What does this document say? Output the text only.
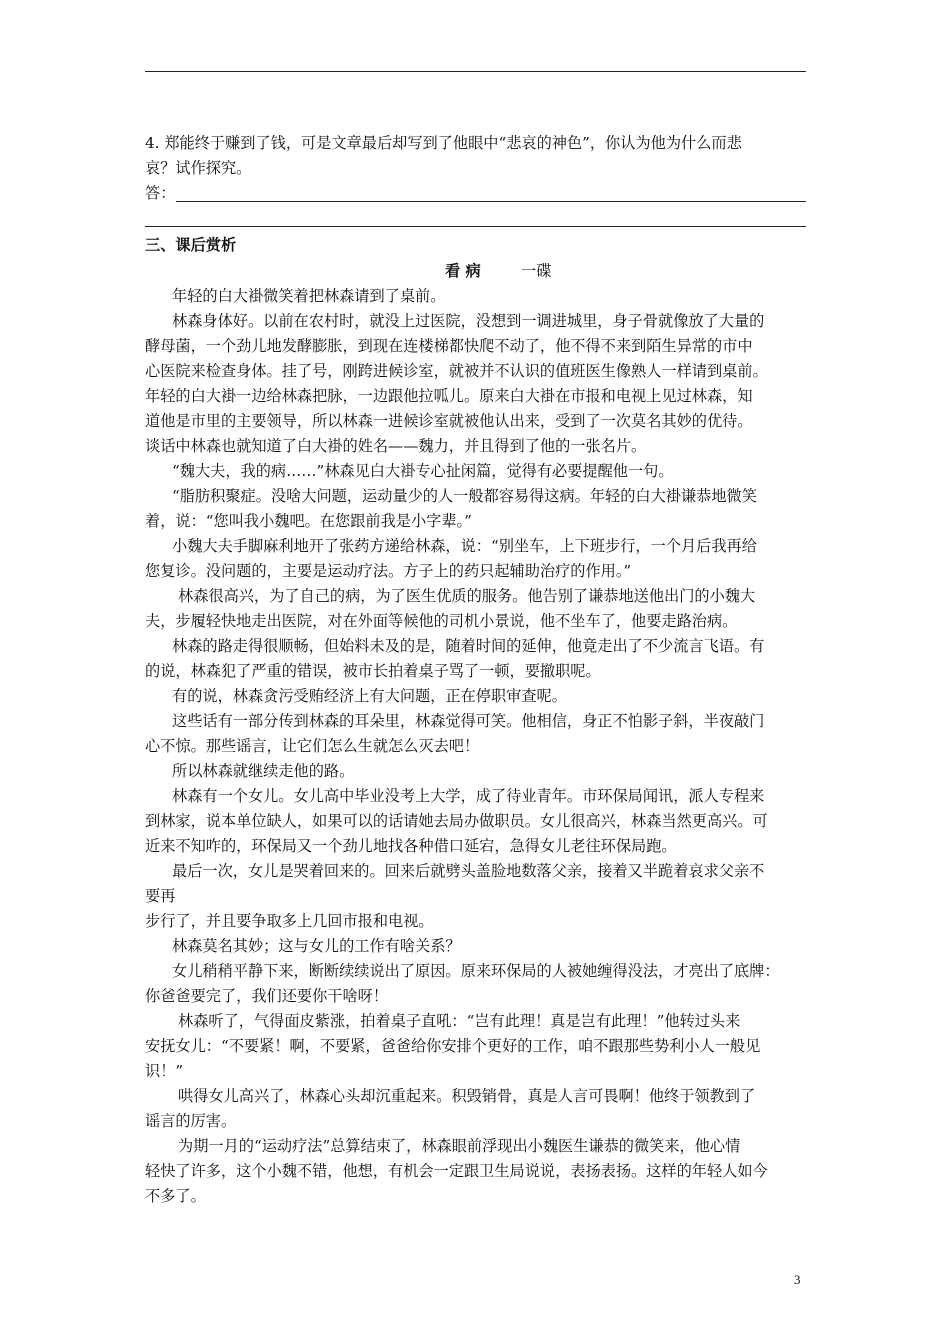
4. 郑能终于赚到了钱，可是文章最后却写到了他眼中“悲哀的神色”，你认为他为什么而悲
哀？试作探究。
答：
三、课后赏析
看 病	一碟
年轻的白大褂微笑着把林森请到了桌前。
林森身体好。以前在农村时，就没上过医院，没想到一调进城里，身子骨就像放了大量的
酵母菌，一个劲儿地发酵膨胀，到现在连楼梯都快爬不动了，他不得不来到陌生异常的市中
心医院来检查身体。挂了号，刚跨进候诊室，就被并不认识的值班医生像熟人一样请到桌前。
年轻的白大褂一边给林森把脉，一边跟他拉呱儿。原来白大褂在市报和电视上见过林森，知
道他是市里的主要领导，所以林森一进候诊室就被他认出来，受到了一次莫名其妙的优待。
谈话中林森也就知道了白大褂的姓名——魏力，并且得到了他的一张名片。
“魏大夫，我的病……”林森见白大褂专心扯闲篇，觉得有必要提醒他一句。
“脂肪积聚症。没啥大问题，运动量少的人一般都容易得这病。年轻的白大褂谦恭地微笑
着，说：“您叫我小魏吧。在您跟前我是小字辈。”
小魏大夫手脚麻利地开了张药方递给林森，说：“别坐车，上下班步行，一个月后我再给
您复诊。没问题的，主要是运动疗法。方子上的药只起辅助治疗的作用。”
林森很高兴，为了自己的病，为了医生优质的服务。他告别了谦恭地送他出门的小魏大
夫，步履轻快地走出医院，对在外面等候他的司机小景说，他不坐车了，他要走路治病。
林森的路走得很顺畅，但始料未及的是，随着时间的延伸，他竟走出了不少流言飞语。有
的说，林森犯了严重的错误，被市长拍着桌子骂了一顿，要撤职呢。
有的说，林森贪污受贿经济上有大问题，正在停职审查呢。
这些话有一部分传到林森的耳朵里，林森觉得可笑。他相信，身正不怕影子斜，半夜敲门
心不惊。那些谣言，让它们怎么生就怎么灭去吧！
所以林森就继续走他的路。
林森有一个女儿。女儿高中毕业没考上大学，成了待业青年。市环保局闻讯，派人专程来
到林家，说本单位缺人，如果可以的话请她去局办做职员。女儿很高兴，林森当然更高兴。可
近来不知咋的，环保局又一个劲儿地找各种借口延宕，急得女儿老往环保局跑。
最后一次，女儿是哭着回来的。回来后就劈头盖脸地数落父亲，接着又半跪着哀求父亲不
要再
步行了，并且要争取多上几回市报和电视。
林森莫名其妙；这与女儿的工作有啥关系？
女儿稍稍平静下来，断断续续说出了原因。原来环保局的人被她缠得没法，才亮出了底牌：
你爸爸要完了，我们还要你干啥呀！
林森听了，气得面皮紫涨，拍着桌子直吼：“岂有此理！真是岂有此理！”他转过头来
安抚女儿：“不要紧！啊，不要紧，爸爸给你安排个更好的工作，咱不跟那些势利小人一般见
识！”
哄得女儿高兴了，林森心头却沉重起来。积毁销骨，真是人言可畏啊！他终于领教到了
谣言的厉害。
为期一月的“运动疗法”总算结束了，林森眼前浮现出小魏医生谦恭的微笑来，他心情
轻快了许多，这个小魏不错，他想，有机会一定跟卫生局说说，表扬表扬。这样的年轻人如今
不多了。
3
